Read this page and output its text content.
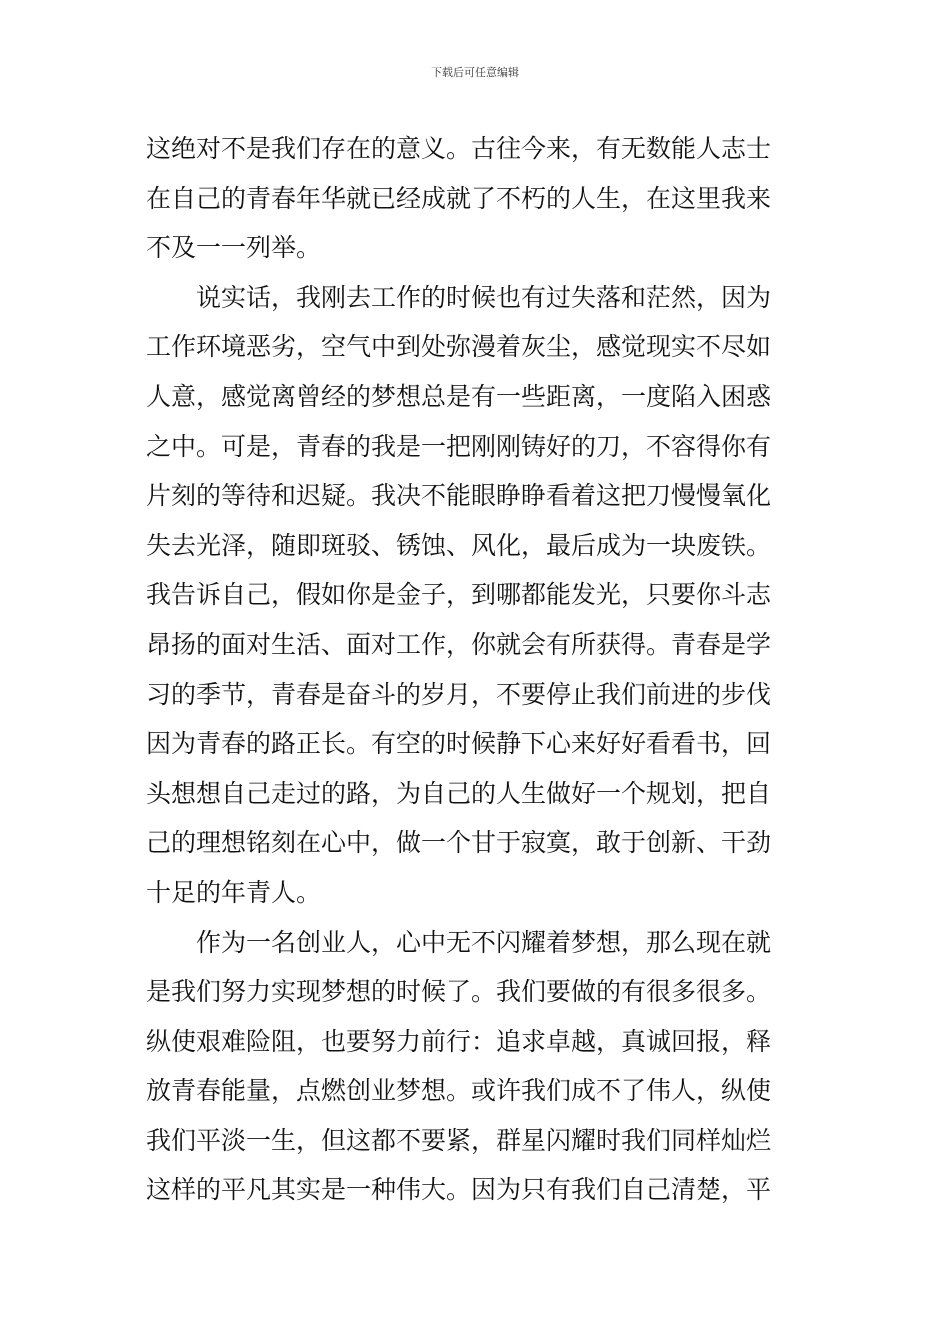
下载后可任意编辑
这绝对不是我们存在的意义。古往今来，有无数能人志士
在自己的青春年华就已经成就了不朽的人生，在这里我来
不及一一列举。
说实话，我刚去工作的时候也有过失落和茫然，因为
工作环境恶劣，空气中到处弥漫着灰尘，感觉现实不尽如
人意，感觉离曾经的梦想总是有一些距离，一度陷入困惑
之中。可是，青春的我是一把刚刚铸好的刀，不容得你有
片刻的等待和迟疑。我决不能眼睁睁看着这把刀慢慢氧化
失去光泽，随即斑驳、锈蚀、风化，最后成为一块废铁。
我告诉自己，假如你是金子，到哪都能发光，只要你斗志
昂扬的面对生活、面对工作，你就会有所获得。青春是学
习的季节，青春是奋斗的岁月，不要停止我们前进的步伐
因为青春的路正长。有空的时候静下心来好好看看书，回
头想想自己走过的路，为自己的人生做好一个规划，把自
己的理想铭刻在心中，做一个甘于寂寞，敢于创新、干劲
十足的年青人。
作为一名创业人，心中无不闪耀着梦想，那么现在就
是我们努力实现梦想的时候了。我们要做的有很多很多。
纵使艰难险阻，也要努力前行：追求卓越，真诚回报，释
放青春能量，点燃创业梦想。或许我们成不了伟人，纵使
我们平淡一生，但这都不要紧，群星闪耀时我们同样灿烂
这样的平凡其实是一种伟大。因为只有我们自己清楚，平
